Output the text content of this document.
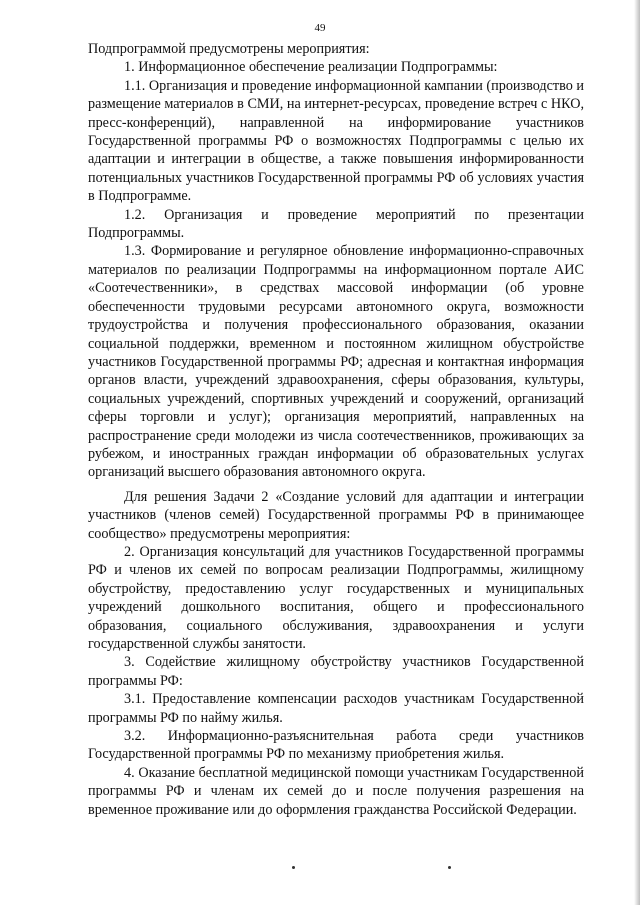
49

Подпрограммой предусмотрены мероприятия:

1. Информационное обеспечение реализации Подпрограммы:

1.1. Организация и проведение информационной кампании (производство и размещение материалов в СМИ, на интернет-ресурсах, проведение встреч с НКО, пресс-конференций), направленной на информирование участников Государственной программы РФ о возможностях Подпрограммы с целью их адаптации и интеграции в обществе, а также повышения информированности потенциальных участников Государственной программы РФ об условиях участия в Подпрограмме.

1.2. Организация и проведение мероприятий по презентации Подпрограммы.

1.3. Формирование и регулярное обновление информационно-справочных материалов по реализации Подпрограммы на информационном портале АИС «Соотечественники», в средствах массовой информации (об уровне обеспеченности трудовыми ресурсами автономного округа, возможности трудоустройства и получения профессионального образования, оказании социальной поддержки, временном и постоянном жилищном обустройстве участников Государственной программы РФ; адресная и контактная информация органов власти, учреждений здравоохранения, сферы образования, культуры, социальных учреждений, спортивных учреждений и сооружений, организаций сферы торговли и услуг); организация мероприятий, направленных на распространение среди молодежи из числа соотечественников, проживающих за рубежом, и иностранных граждан информации об образовательных услугах организаций высшего образования автономного округа.

Для решения Задачи 2 «Создание условий для адаптации и интеграции участников (членов семей) Государственной программы РФ в принимающее сообщество» предусмотрены мероприятия:

2. Организация консультаций для участников Государственной программы РФ и членов их семей по вопросам реализации Подпрограммы, жилищному обустройству, предоставлению услуг государственных и муниципальных учреждений дошкольного воспитания, общего и профессионального образования, социального обслуживания, здравоохранения и услуги государственной службы занятости.

3. Содействие жилищному обустройству участников Государственной программы РФ:

3.1. Предоставление компенсации расходов участникам Государственной программы РФ по найму жилья.

3.2. Информационно-разъяснительная работа среди участников Государственной программы РФ по механизму приобретения жилья.

4. Оказание бесплатной медицинской помощи участникам Государственной программы РФ и членам их семей до и после получения разрешения на временное проживание или до оформления гражданства Российской Федерации.
